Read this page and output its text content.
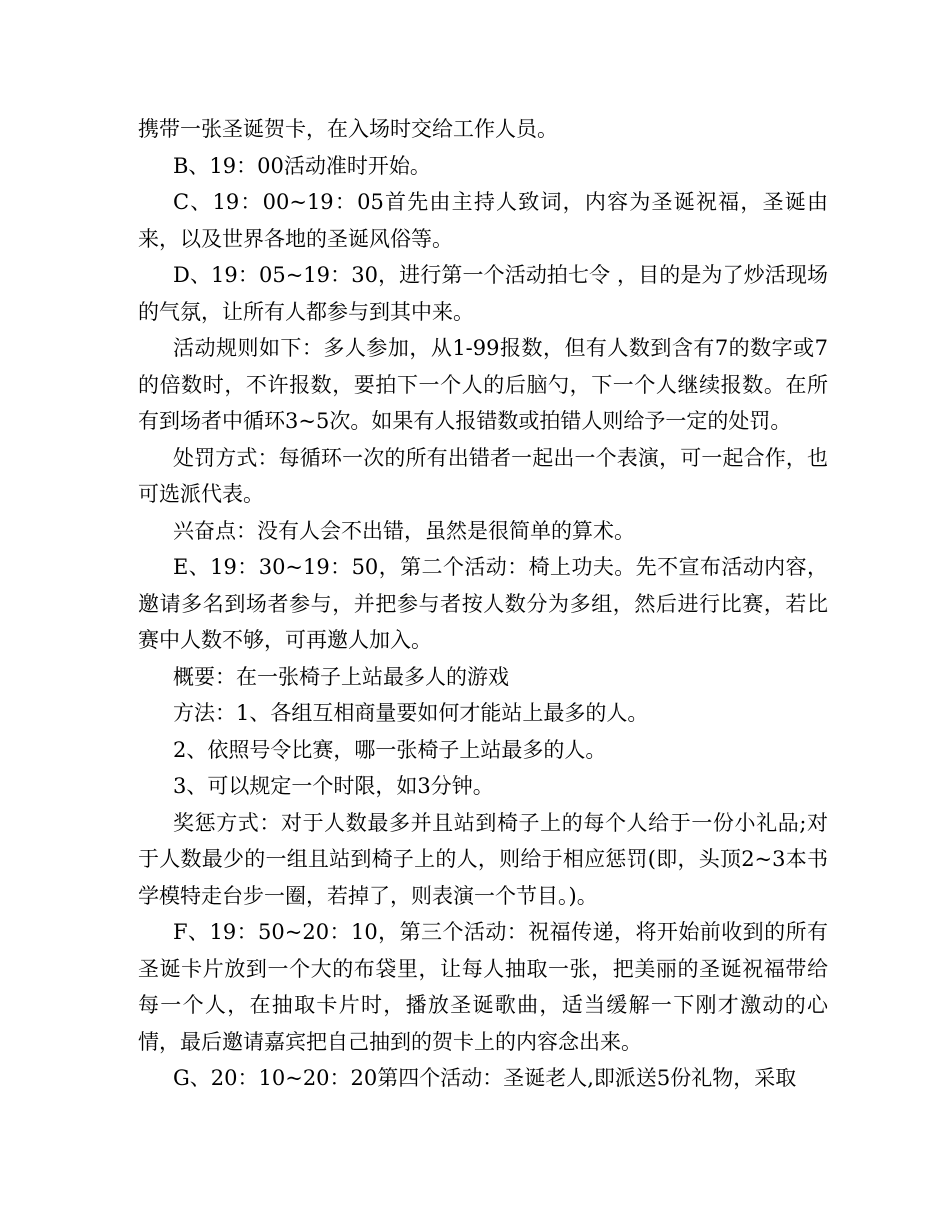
携带一张圣诞贺卡，在入场时交给工作人员。

B、19：00活动准时开始。

C、19：00~19：05首先由主持人致词，内容为圣诞祝福，圣诞由来，以及世界各地的圣诞风俗等。

D、19：05~19：30，进行第一个活动拍七令 ，目的是为了炒活现场的气氛，让所有人都参与到其中来。

活动规则如下：多人参加，从1-99报数，但有人数到含有7的数字或7的倍数时，不许报数，要拍下一个人的后脑勺，下一个人继续报数。在所有到场者中循环3~5次。如果有人报错数或拍错人则给予一定的处罚。

处罚方式：每循环一次的所有出错者一起出一个表演，可一起合作，也可选派代表。

兴奋点：没有人会不出错，虽然是很简单的算术。

E、19：30~19：50，第二个活动：椅上功夫。先不宣布活动内容，邀请多名到场者参与，并把参与者按人数分为多组，然后进行比赛，若比赛中人数不够，可再邀人加入。

概要：在一张椅子上站最多人的游戏

方法：1、各组互相商量要如何才能站上最多的人。

2、依照号令比赛，哪一张椅子上站最多的人。

3、可以规定一个时限，如3分钟。

奖惩方式：对于人数最多并且站到椅子上的每个人给于一份小礼品;对于人数最少的一组且站到椅子上的人，则给于相应惩罚(即，头顶2~3本书学模特走台步一圈，若掉了，则表演一个节目。)。

F、19：50~20：10，第三个活动：祝福传递，将开始前收到的所有圣诞卡片放到一个大的布袋里，让每人抽取一张，把美丽的圣诞祝福带给每一个人，在抽取卡片时，播放圣诞歌曲，适当缓解一下刚才激动的心情，最后邀请嘉宾把自己抽到的贺卡上的内容念出来。

G、20：10~20：20第四个活动：圣诞老人,即派送5份礼物，采取
